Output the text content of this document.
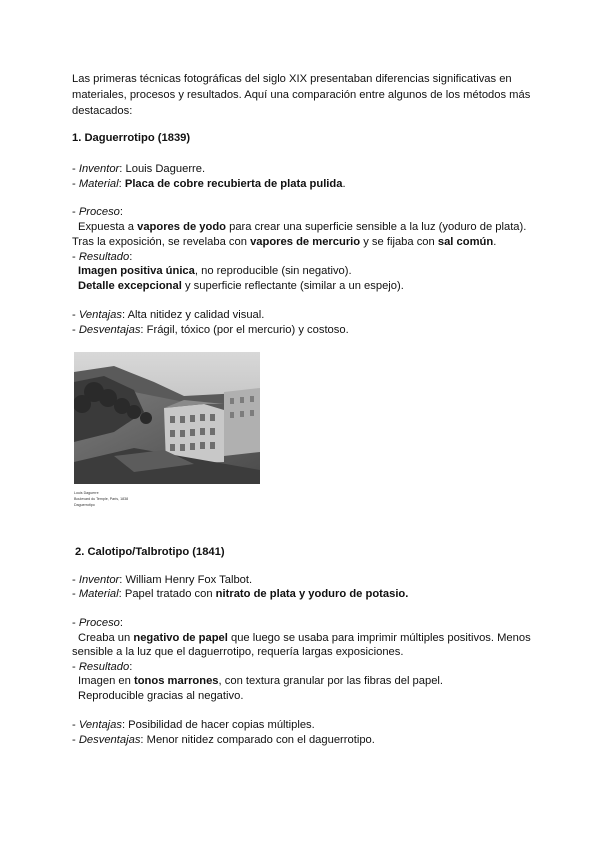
Las primeras técnicas fotográficas del siglo XIX presentaban diferencias significativas en
materiales, procesos y resultados. Aquí una comparación entre algunos de los métodos más
destacados:
1. Daguerrotipo (1839)
- Inventor: Louis Daguerre.
- Material: Placa de cobre recubierta de plata pulida.
- Proceso:
Expuesta a vapores de yodo para crear una superficie sensible a la luz (yoduro de plata).
Tras la exposición, se revelaba con vapores de mercurio y se fijaba con sal común.
- Resultado:
Imagen positiva única, no reproducible (sin negativo).
Detalle excepcional y superficie reflectante (similar a un espejo).
- Ventajas: Alta nitidez y calidad visual.
- Desventajas: Frágil, tóxico (por el mercurio) y costoso.
Louis Daguerre
Boulevard du Temple, París, 1838
Daguerrotipo
2. Calotipo/Talbrotipo (1841)
- Inventor: William Henry Fox Talbot.
- Material: Papel tratado con nitrato de plata y yoduro de potasio.
- Proceso:
Creaba un negativo de papel que luego se usaba para imprimir múltiples positivos. Menos
sensible a la luz que el daguerrotipo, requería largas exposiciones.
- Resultado:
Imagen en tonos marrones, con textura granular por las fibras del papel.
Reproducible gracias al negativo.
- Ventajas: Posibilidad de hacer copias múltiples.
- Desventajas: Menor nitidez comparado con el daguerrotipo.
